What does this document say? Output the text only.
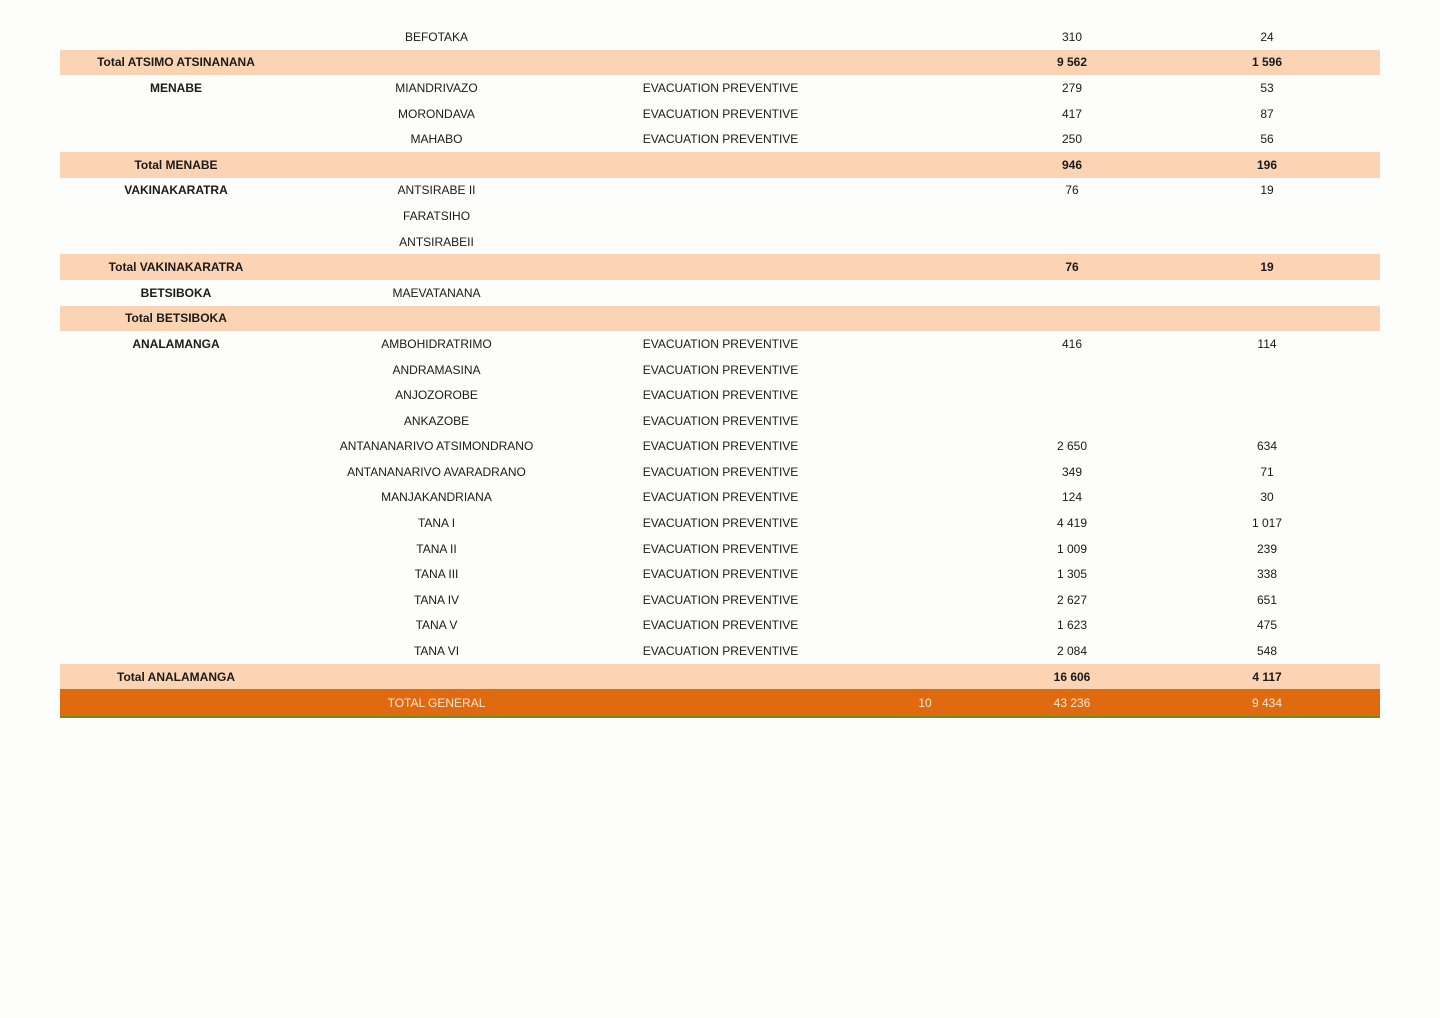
	BEFOTAKA			310	24
Total ATSIMO ATSINANANA				9 562	1 596
MENABE	MIANDRIVAZO	EVACUATION PREVENTIVE		279	53
	MORONDAVA	EVACUATION PREVENTIVE		417	87
	MAHABO	EVACUATION PREVENTIVE		250	56
Total MENABE				946	196
VAKINAKARATRA	ANTSIRABE II			76	19
	FARATSIHO				
	ANTSIRABEII				
Total VAKINAKARATRA				76	19
BETSIBOKA	MAEVATANANA				
Total BETSIBOKA					
ANALAMANGA	AMBOHIDRATRIMO	EVACUATION PREVENTIVE		416	114
	ANDRAMASINA	EVACUATION PREVENTIVE			
	ANJOZOROBE	EVACUATION PREVENTIVE			
	ANKAZOBE	EVACUATION PREVENTIVE			
	ANTANANARIVO ATSIMONDRANO	EVACUATION PREVENTIVE		2 650	634
	ANTANANARIVO AVARADRANO	EVACUATION PREVENTIVE		349	71
	MANJAKANDRIANA	EVACUATION PREVENTIVE		124	30
	TANA I	EVACUATION PREVENTIVE		4 419	1 017
	TANA II	EVACUATION PREVENTIVE		1 009	239
	TANA III	EVACUATION PREVENTIVE		1 305	338
	TANA IV	EVACUATION PREVENTIVE		2 627	651
	TANA V	EVACUATION PREVENTIVE		1 623	475
	TANA VI	EVACUATION PREVENTIVE		2 084	548
Total ANALAMANGA				16 606	4 117
	TOTAL GENERAL		10	43 236	9 434
